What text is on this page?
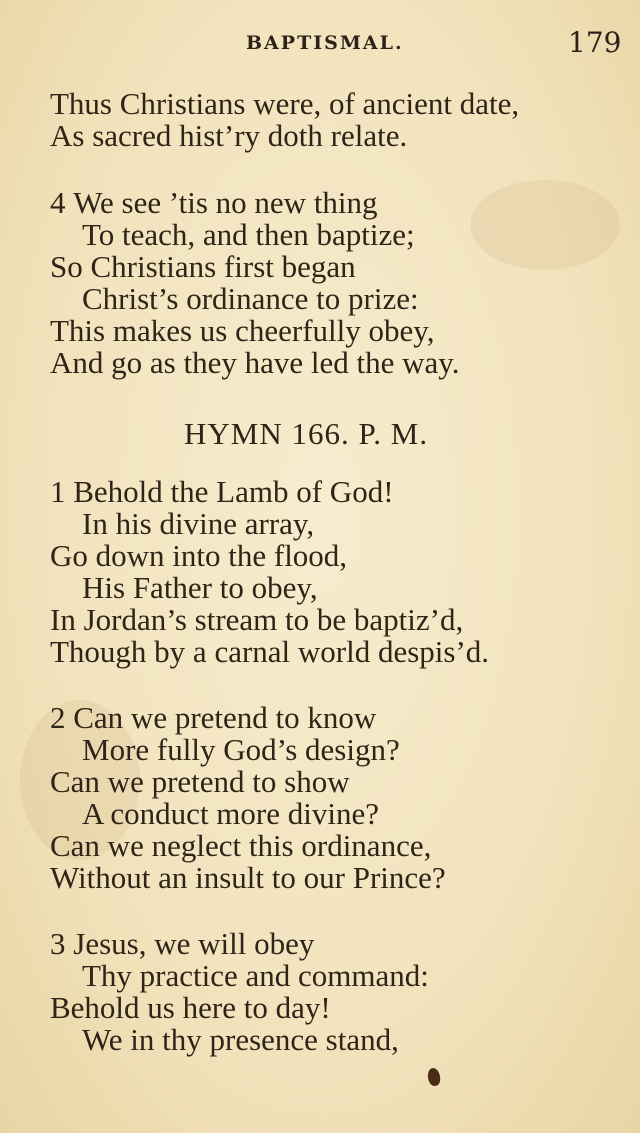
BAPTISMAL.	179
Thus Christians were, of ancient date,
As sacred hist’ry doth relate.
4 We see ’tis no new thing
To teach, and then baptize;
So Christians first began
Christ’s ordinance to prize:
This makes us cheerfully obey,
And go as they have led the way.
HYMN 166. P. M.
1 Behold the Lamb of God!
In his divine array,
Go down into the flood,
His Father to obey,
In Jordan’s stream to be baptiz’d,
Though by a carnal world despis’d.
2 Can we pretend to know
More fully God’s design?
Can we pretend to show
A conduct more divine?
Can we neglect this ordinance,
Without an insult to our Prince?
3 Jesus, we will obey
Thy practice and command:
Behold us here to day!
We in thy presence stand,
